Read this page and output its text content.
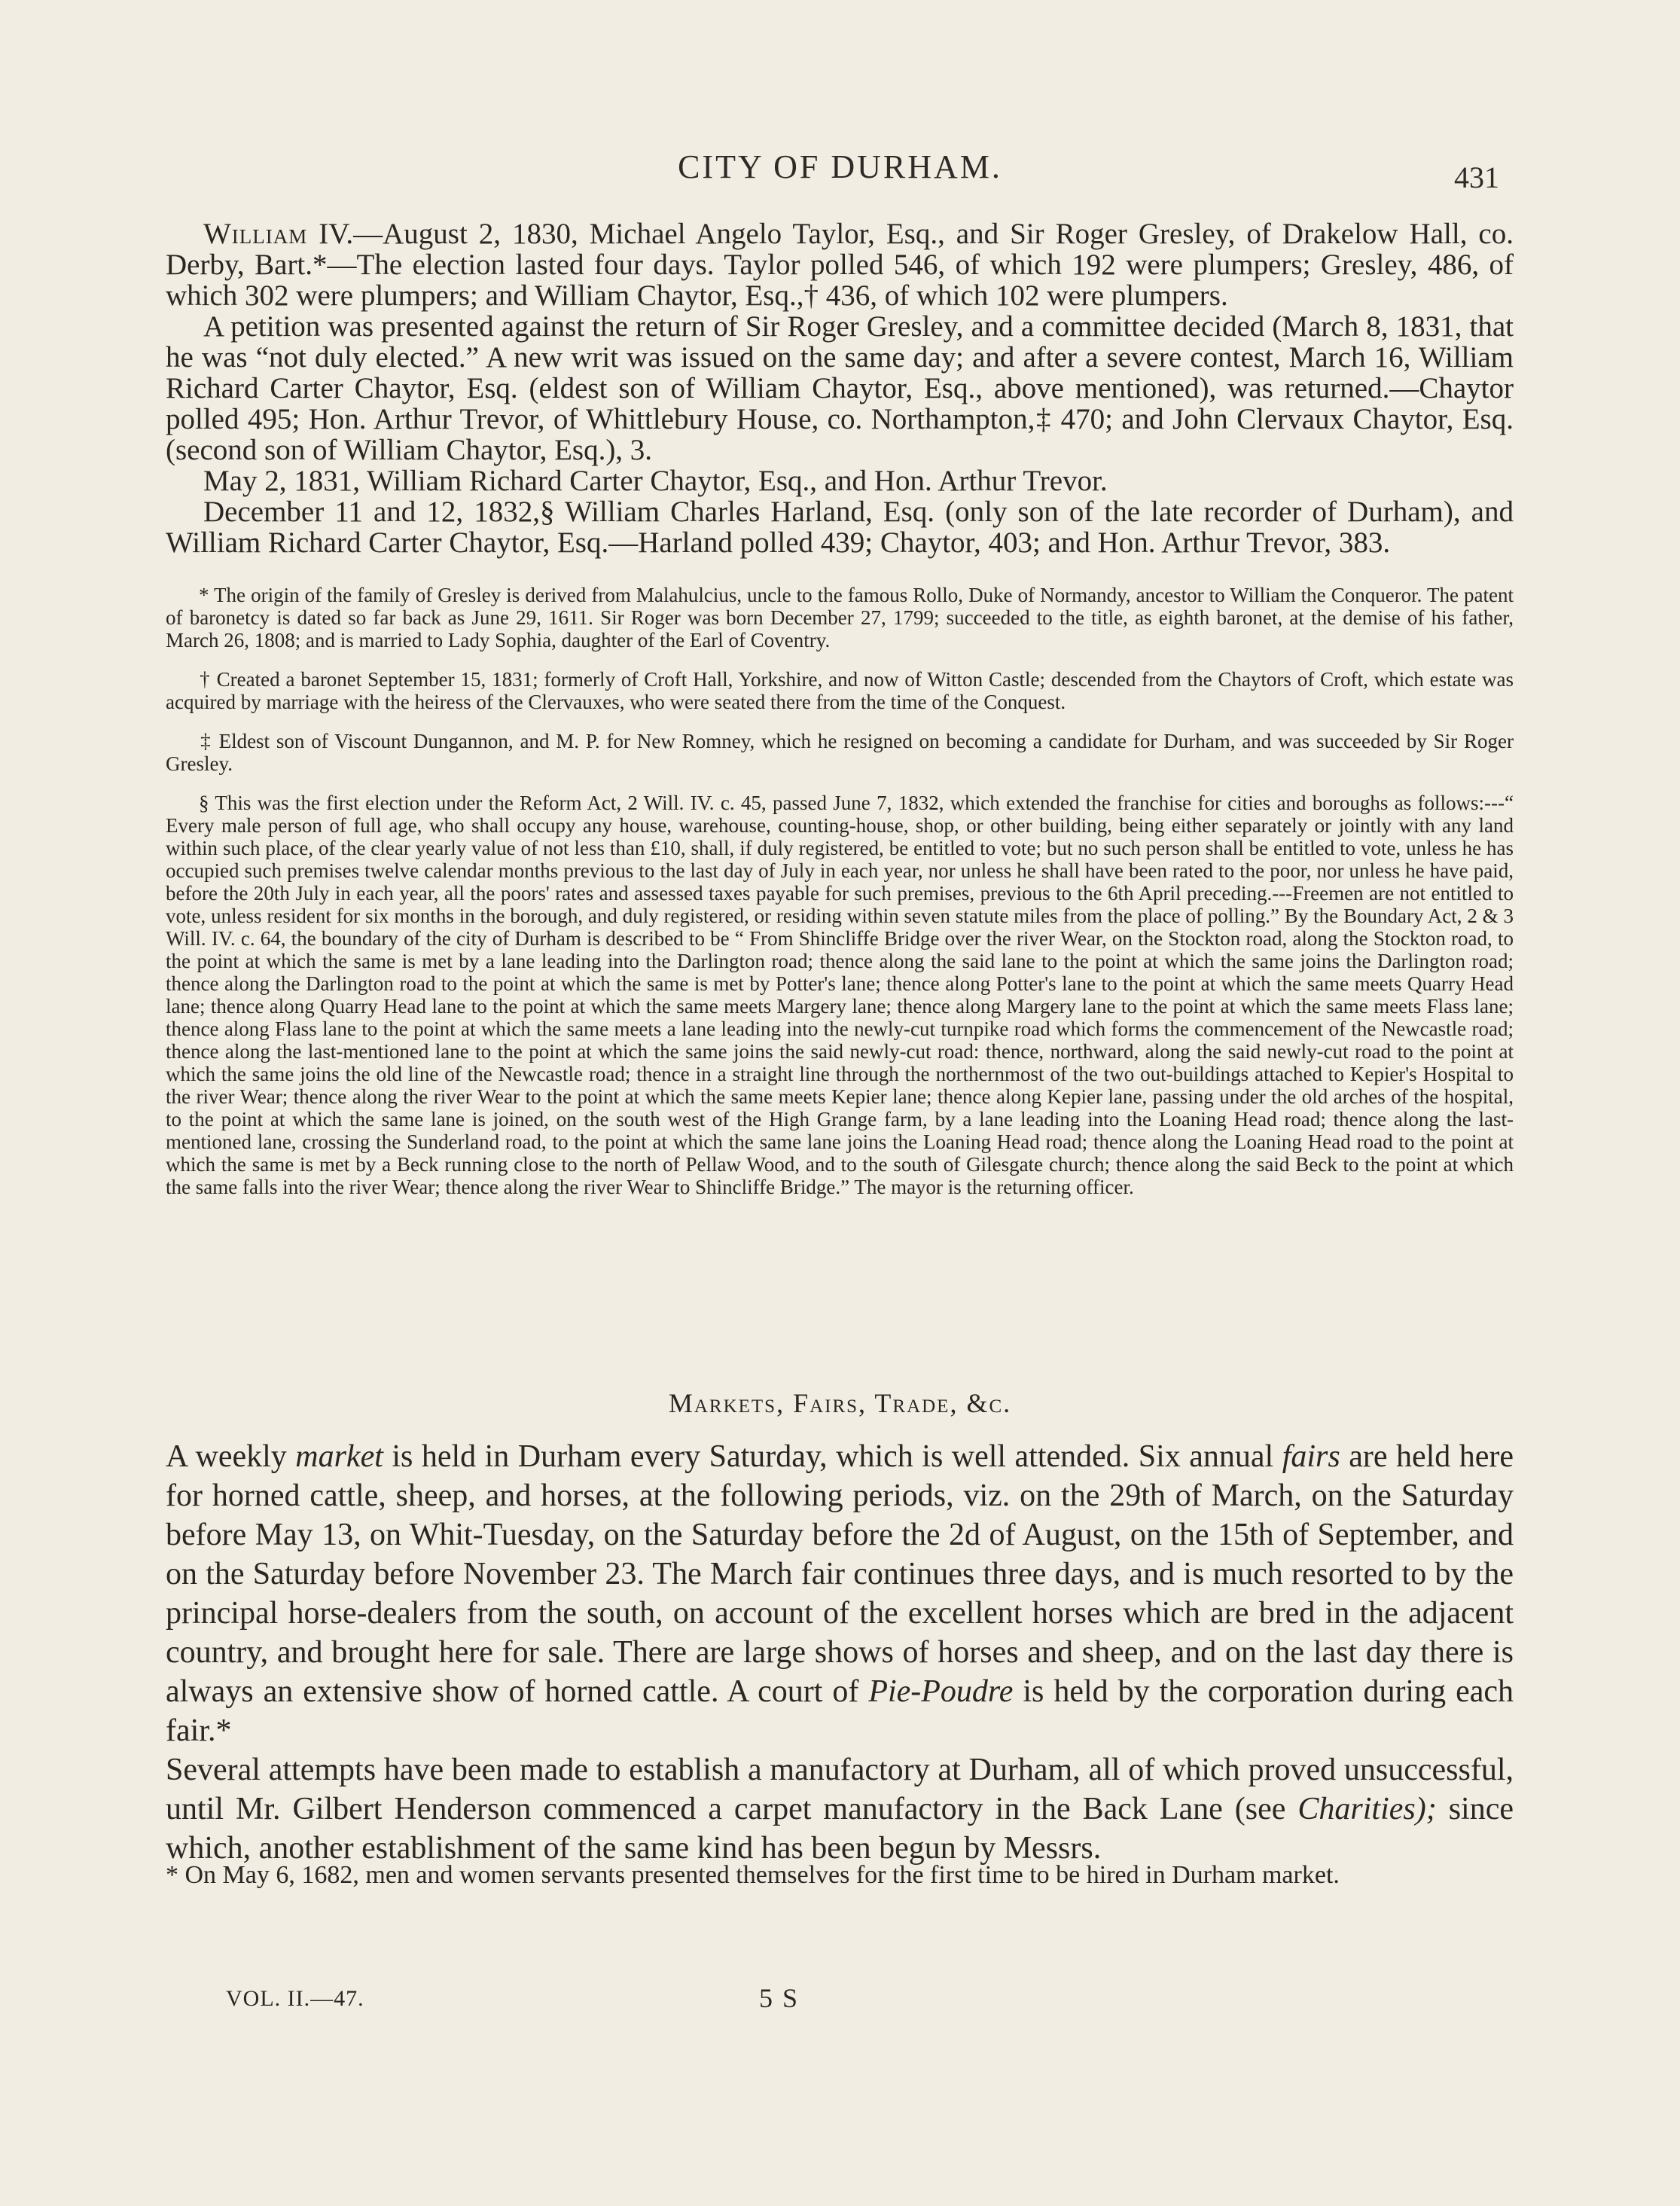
CITY OF DURHAM.	431

William IV.—August 2, 1830, Michael Angelo Taylor, Esq., and Sir Roger Gresley, of Drakelow Hall, co. Derby, Bart.*—The election lasted four days. Taylor polled 546, of which 192 were plumpers; Gresley, 486, of which 302 were plumpers; and William Chaytor, Esq.,† 436, of which 102 were plumpers.

A petition was presented against the return of Sir Roger Gresley, and a committee decided (March 8, 1831, that he was “not duly elected.” A new writ was issued on the same day; and after a severe contest, March 16, William Richard Carter Chaytor, Esq. (eldest son of William Chaytor, Esq., above mentioned), was returned.—Chaytor polled 495; Hon. Arthur Trevor, of Whittlebury House, co. Northampton,‡ 470; and John Clervaux Chaytor, Esq. (second son of William Chaytor, Esq.), 3.

May 2, 1831, William Richard Carter Chaytor, Esq., and Hon. Arthur Trevor.

December 11 and 12, 1832,§ William Charles Harland, Esq. (only son of the late recorder of Durham), and William Richard Carter Chaytor, Esq.—Harland polled 439; Chaytor, 403; and Hon. Arthur Trevor, 383.

* The origin of the family of Gresley is derived from Malahulcius, uncle to the famous Rollo, Duke of Normandy, ancestor to William the Conqueror. The patent of baronetcy is dated so far back as June 29, 1611. Sir Roger was born December 27, 1799; succeeded to the title, as eighth baronet, at the demise of his father, March 26, 1808; and is married to Lady Sophia, daughter of the Earl of Coventry.

† Created a baronet September 15, 1831; formerly of Croft Hall, Yorkshire, and now of Witton Castle; descended from the Chaytors of Croft, which estate was acquired by marriage with the heiress of the Clervauxes, who were seated there from the time of the Conquest.

‡ Eldest son of Viscount Dungannon, and M. P. for New Romney, which he resigned on becoming a candidate for Durham, and was succeeded by Sir Roger Gresley.

§ This was the first election under the Reform Act, 2 Will. IV. c. 45, passed June 7, 1832, which extended the franchise for cities and boroughs as follows:---“ Every male person of full age, who shall occupy any house, warehouse, counting-house, shop, or other building, being either separately or jointly with any land within such place, of the clear yearly value of not less than £10, shall, if duly registered, be entitled to vote; but no such person shall be entitled to vote, unless he has occupied such premises twelve calendar months previous to the last day of July in each year, nor unless he shall have been rated to the poor, nor unless he have paid, before the 20th July in each year, all the poors' rates and assessed taxes payable for such premises, previous to the 6th April preceding.---Freemen are not entitled to vote, unless resident for six months in the borough, and duly registered, or residing within seven statute miles from the place of polling.” By the Boundary Act, 2 & 3 Will. IV. c. 64, the boundary of the city of Durham is described to be “ From Shincliffe Bridge over the river Wear, on the Stockton road, along the Stockton road, to the point at which the same is met by a lane leading into the Darlington road; thence along the said lane to the point at which the same joins the Darlington road; thence along the Darlington road to the point at which the same is met by Potter's lane; thence along Potter's lane to the point at which the same meets Quarry Head lane; thence along Quarry Head lane to the point at which the same meets Margery lane; thence along Margery lane to the point at which the same meets Flass lane; thence along Flass lane to the point at which the same meets a lane leading into the newly-cut turnpike road which forms the commencement of the Newcastle road; thence along the last-mentioned lane to the point at which the same joins the said newly-cut road: thence, northward, along the said newly-cut road to the point at which the same joins the old line of the Newcastle road; thence in a straight line through the northernmost of the two out-buildings attached to Kepier's Hospital to the river Wear; thence along the river Wear to the point at which the same meets Kepier lane; thence along Kepier lane, passing under the old arches of the hospital, to the point at which the same lane is joined, on the south west of the High Grange farm, by a lane leading into the Loaning Head road; thence along the last-mentioned lane, crossing the Sunderland road, to the point at which the same lane joins the Loaning Head road; thence along the Loaning Head road to the point at which the same is met by a Beck running close to the north of Pellaw Wood, and to the south of Gilesgate church; thence along the said Beck to the point at which the same falls into the river Wear; thence along the river Wear to Shincliffe Bridge.” The mayor is the returning officer.

Markets, Fairs, Trade, &c.

A weekly market is held in Durham every Saturday, which is well attended. Six annual fairs are held here for horned cattle, sheep, and horses, at the following periods, viz. on the 29th of March, on the Saturday before May 13, on Whit-Tuesday, on the Saturday before the 2d of August, on the 15th of September, and on the Saturday before November 23. The March fair continues three days, and is much resorted to by the principal horse-dealers from the south, on account of the excellent horses which are bred in the adjacent country, and brought here for sale. There are large shows of horses and sheep, and on the last day there is always an extensive show of horned cattle. A court of Pie-Poudre is held by the corporation during each fair.*

Several attempts have been made to establish a manufactory at Durham, all of which proved unsuccessful, until Mr. Gilbert Henderson commenced a carpet manufactory in the Back Lane (see Charities); since which, another establishment of the same kind has been begun by Messrs.

* On May 6, 1682, men and women servants presented themselves for the first time to be hired in Durham market.

VOL. II.—47.	5 S
